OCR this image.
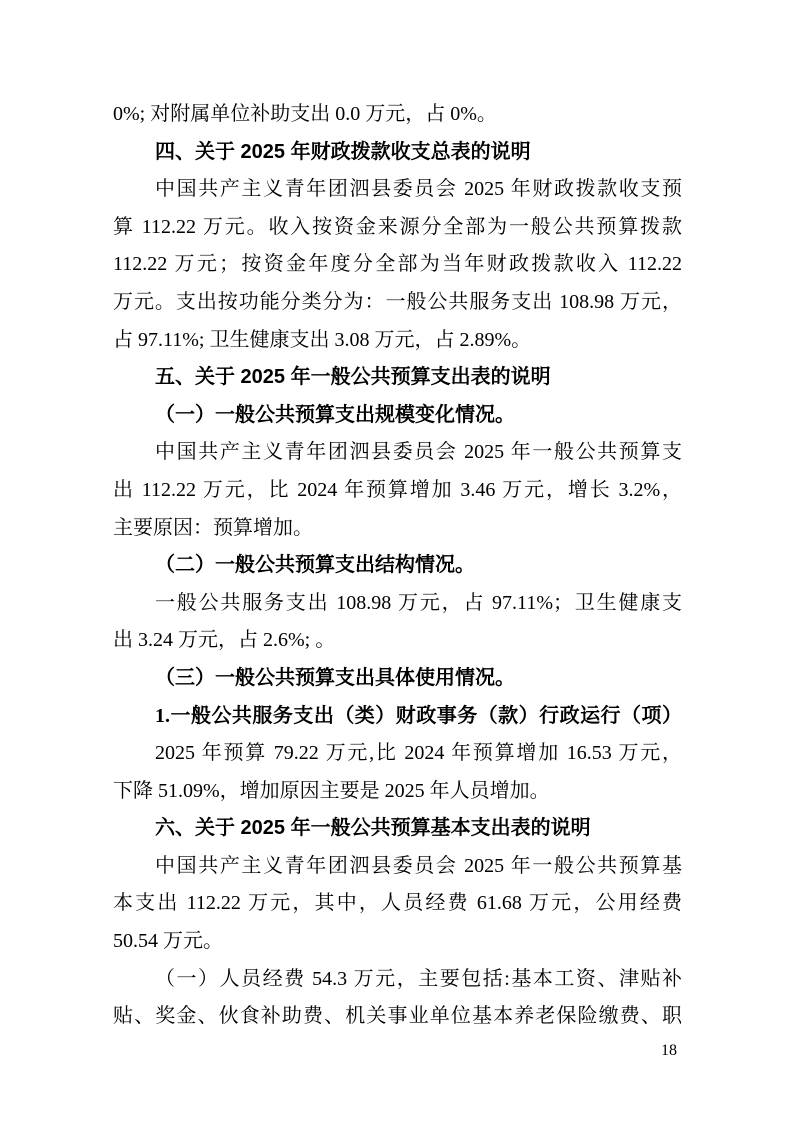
0%; 对附属单位补助支出 0.0 万元，占 0%。
四、关于 2025 年财政拨款收支总表的说明
中国共产主义青年团泗县委员会 2025 年财政拨款收支预
算 112.22 万元。收入按资金来源分全部为一般公共预算拨款
112.22 万元；按资金年度分全部为当年财政拨款收入 112.22
万元。支出按功能分类分为：一般公共服务支出 108.98 万元，
占 97.11%; 卫生健康支出 3.08 万元，占 2.89%。
五、关于 2025 年一般公共预算支出表的说明
（一）一般公共预算支出规模变化情况。
中国共产主义青年团泗县委员会 2025 年一般公共预算支
出 112.22 万元，比 2024 年预算增加 3.46 万元，增长 3.2%，
主要原因：预算增加。
（二）一般公共预算支出结构情况。
一般公共服务支出 108.98 万元，占 97.11%；卫生健康支
出 3.24 万元，占 2.6%; 。
（三）一般公共预算支出具体使用情况。
1.一般公共服务支出（类）财政事务（款）行政运行（项）
2025 年预算 79.22 万元,比 2024 年预算增加 16.53 万元，
下降 51.09%，增加原因主要是 2025 年人员增加。
六、关于 2025 年一般公共预算基本支出表的说明
中国共产主义青年团泗县委员会 2025 年一般公共预算基
本支出 112.22 万元，其中，人员经费 61.68 万元，公用经费
50.54 万元。
（一）人员经费 54.3 万元，主要包括:基本工资、津贴补
贴、奖金、伙食补助费、机关事业单位基本养老保险缴费、职
18
